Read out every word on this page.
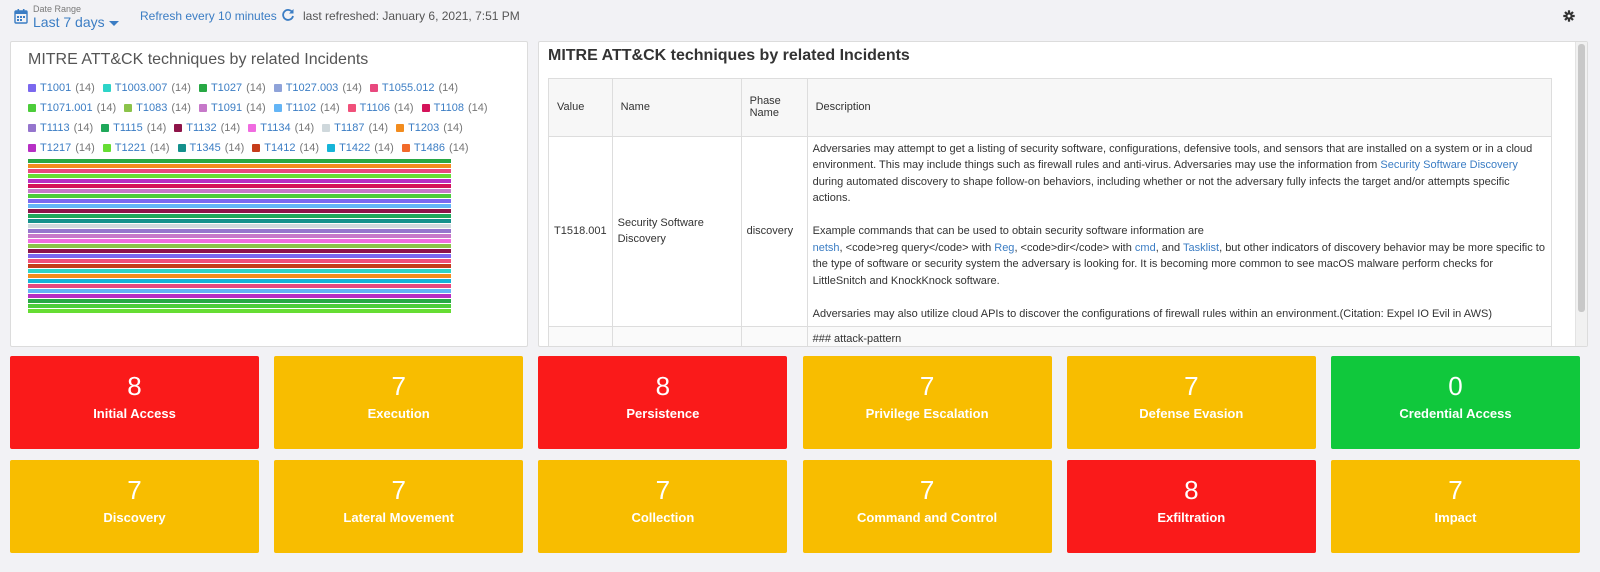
Date Range
Last 7 days	Refresh every 10 minutes last refreshed: January 6, 2021, 7:51 PM
MITRE ATT&CK techniques by related Incidents
T1001 (14) T1003.007 (14) T1027 (14) T1027.003 (14) T1055.012 (14)
T1071.001 (14) T1083 (14) T1091 (14) T1102 (14) T1106 (14) T1108 (14)
T1113 (14) T1115 (14) T1132 (14) T1134 (14) T1187 (14) T1203 (14)
T1217 (14) T1221 (14) T1345 (14) T1412 (14) T1422 (14) T1486 (14)
MITRE ATT&CK techniques by related Incidents
Value	Name	Phase Name	Description
T1518.001	Security Software Discovery	discovery	Adversaries may attempt to get a listing of security software, configurations, defensive tools, and sensors that are installed on a system or in a cloud environment. This may include things such as firewall rules and anti-virus. Adversaries may use the information from Security Software Discovery during automated discovery to shape follow-on behaviors, including whether or not the adversary fully infects the target and/or attempts specific actions.

Example commands that can be used to obtain security software information are
netsh, <code>reg query</code> with Reg, <code>dir</code> with cmd, and Tasklist, but other indicators of discovery behavior may be more specific to the type of software or security system the adversary is looking for. It is becoming more common to see macOS malware perform checks for LittleSnitch and KnockKnock software.

Adversaries may also utilize cloud APIs to discover the configurations of firewall rules within an environment.(Citation: Expel IO Evil in AWS)
			### attack-pattern
8
Initial Access
7
Execution
8
Persistence
7
Privilege Escalation
7
Defense Evasion
0
Credential Access
7
Discovery
7
Lateral Movement
7
Collection
7
Command and Control
8
Exfiltration
7
Impact
